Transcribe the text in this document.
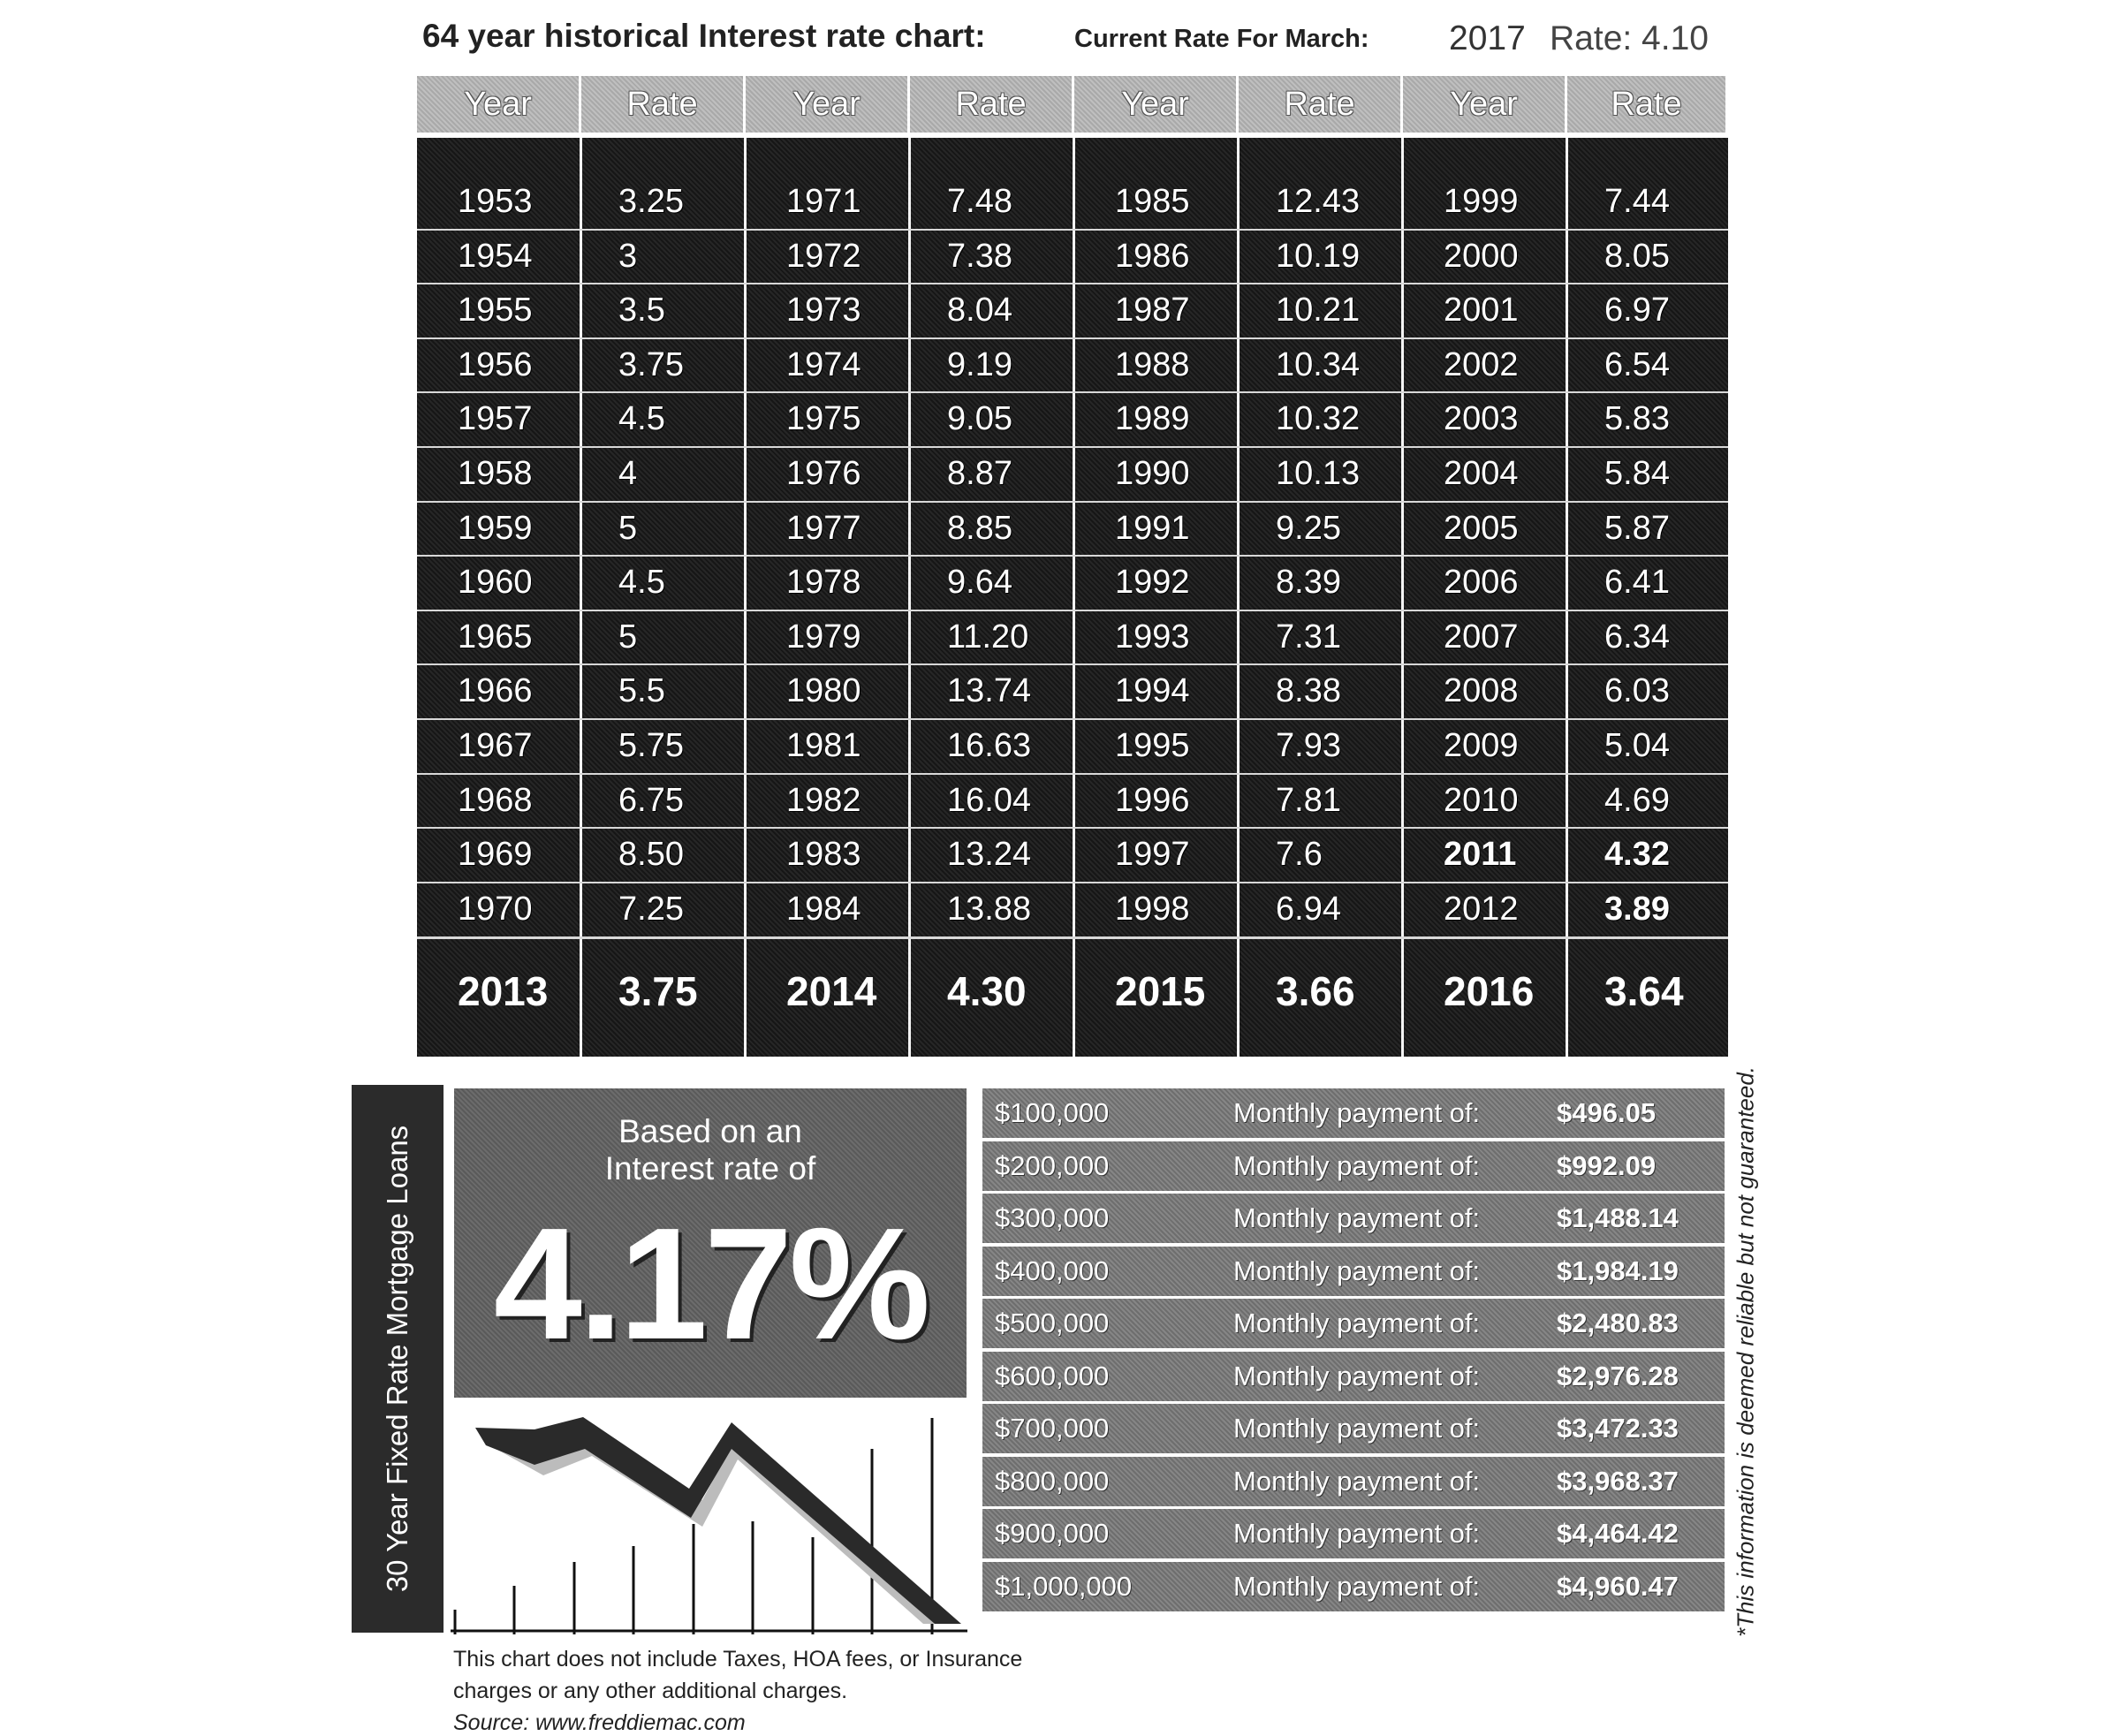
64 year historical Interest rate chart:	Current Rate For March: 2017 Rate: 4.10
Year	Rate	Year	Rate	Year	Rate	Year	Rate
1953	3.25	1971	7.48	1985	12.43 1999	7.44
1954	3	1972	7.38	1986	10.19 2000	8.05
1955	3.5	1973	8.04	1987	10.21 2001	6.97
1956	3.75	1974	9.19	1988	10.34 2002	6.54
1957	4.5	1975	9.05	1989	10.32 2003	5.83
1958	4	1976	8.87	1990	10.13 2004	5.84
1959	5	1977	8.85	1991	9.25	2005	5.87
1960	4.5	1978	9.64	1992	8.39	2006	6.41
1965	5	1979	11.20	1993	7.31	2007	6.34
1966	5.5	1980	13.74 1994	8.38	2008	6.03
1967	5.75	1981	16.63 1995	7.93	2009	5.04
1968	6.75	1982	16.04 1996	7.81	2010	4.69
1969	8.50	1983	13.24 1997	7.6	2011	4.32
1970	7.25	1984	13.88 1998	6.94	2012	3.89
2013 3.75 2014 4.30 2015 3.66 2016 3.64
30 Year Fixed Rate Mortgage Loans	Based on an
Interest rate of
4.17%
This chart does not include Taxes, HOA fees, or Insurance
charges or any other additional charges.
Source: www.freddiemac.com
$100,000	Monthly payment of:	$496.05
$200,000	Monthly payment of:	$992.09
$300,000	Monthly payment of:	$1,488.14
$400,000	Monthly payment of:	$1,984.19
$500,000	Monthly payment of:	$2,480.83
$600,000	Monthly payment of:	$2,976.28
$700,000	Monthly payment of:	$3,472.33
$800,000	Monthly payment of:	$3,968.37
$900,000	Monthly payment of:	$4,464.42
$1,000,000	Monthly payment of:	$4,960.47 *This information is deemed reliable but not guaranteed.
